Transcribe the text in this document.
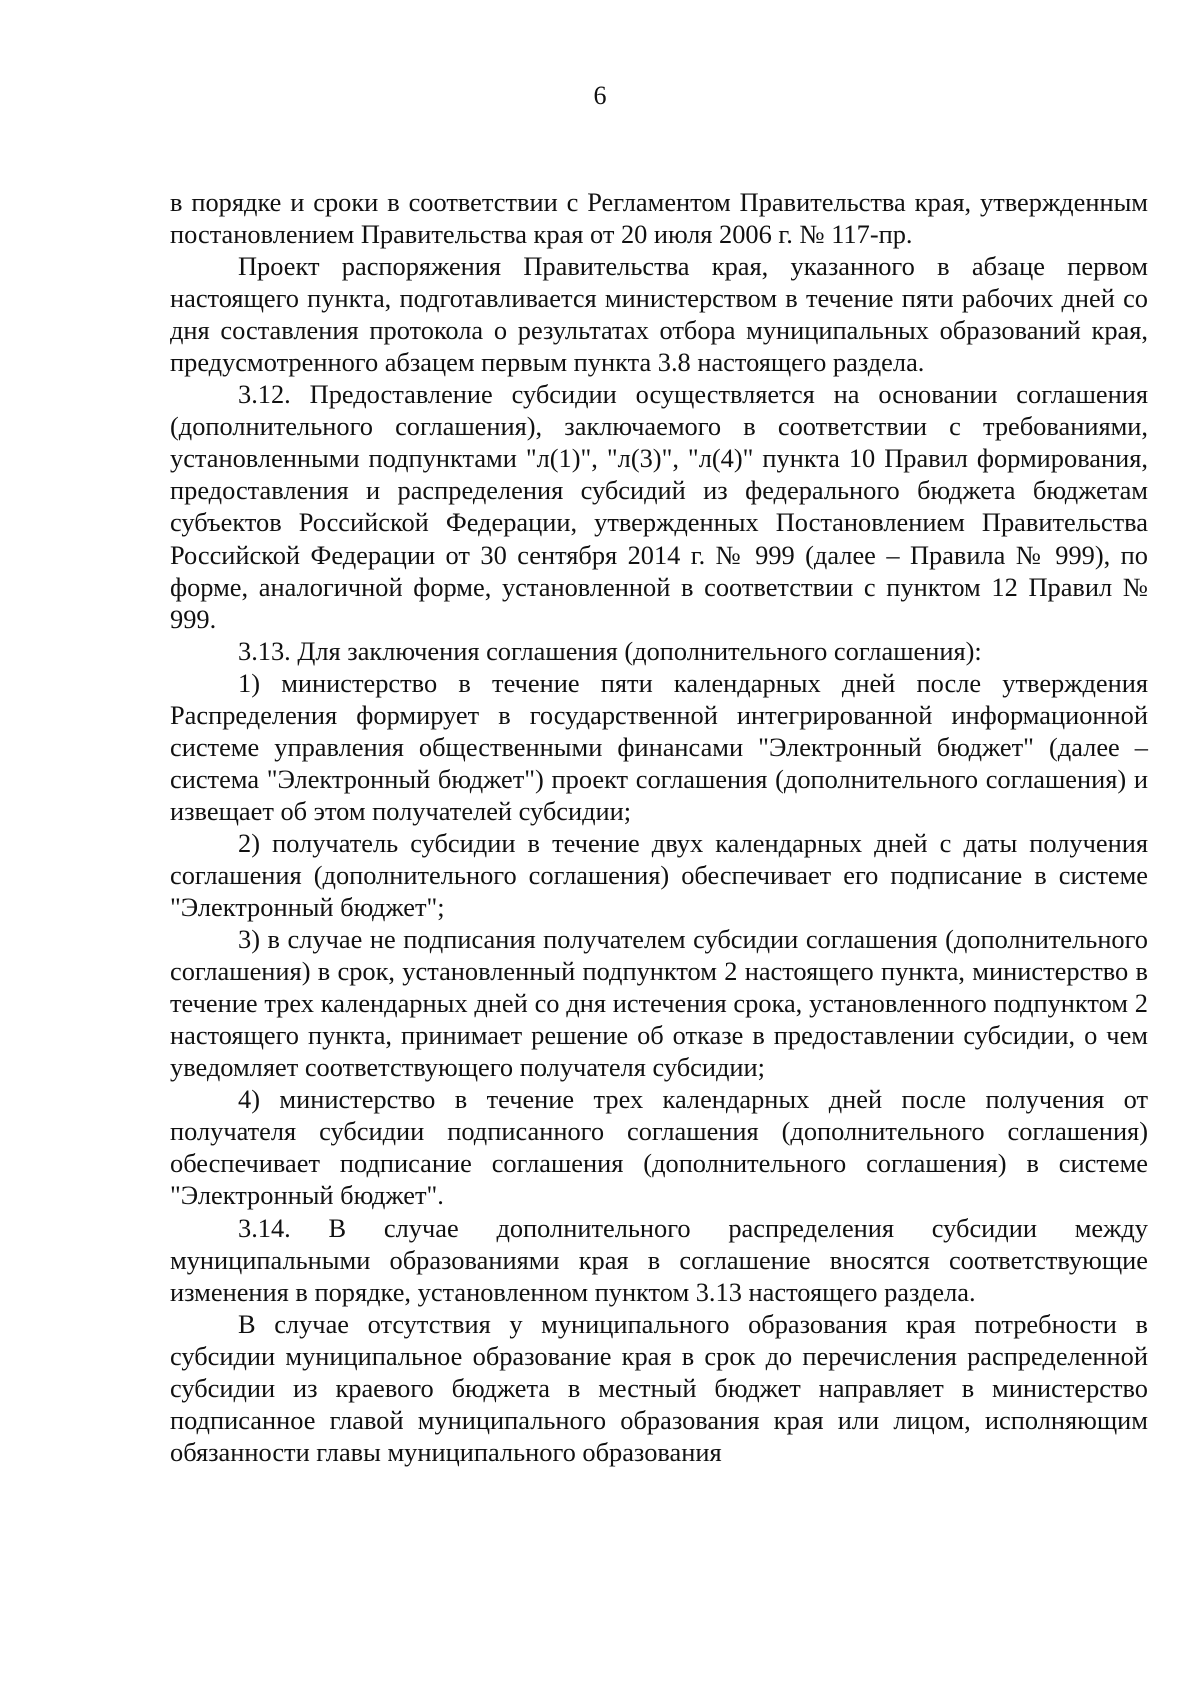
6

в порядке и сроки в соответствии с Регламентом Правительства края, утвержденным постановлением Правительства края от 20 июля 2006 г. № 117-пр.

Проект распоряжения Правительства края, указанного в абзаце первом настоящего пункта, подготавливается министерством в течение пяти рабочих дней со дня составления протокола о результатах отбора муниципальных образований края, предусмотренного абзацем первым пункта 3.8 настоящего раздела.

3.12. Предоставление субсидии осуществляется на основании соглашения (дополнительного соглашения), заключаемого в соответствии с требованиями, установленными подпунктами "л(1)", "л(3)", "л(4)" пункта 10 Правил формирования, предоставления и распределения субсидий из федерального бюджета бюджетам субъектов Российской Федерации, утвержденных Постановлением Правительства Российской Федерации от 30 сентября 2014 г. № 999 (далее – Правила № 999), по форме, аналогичной форме, установленной в соответствии с пунктом 12 Правил № 999.

3.13. Для заключения соглашения (дополнительного соглашения):

1) министерство в течение пяти календарных дней после утверждения Распределения формирует в государственной интегрированной информационной системе управления общественными финансами "Электронный бюджет" (далее – система "Электронный бюджет") проект соглашения (дополнительного соглашения) и извещает об этом получателей субсидии;

2) получатель субсидии в течение двух календарных дней с даты получения соглашения (дополнительного соглашения) обеспечивает его подписание в системе "Электронный бюджет";

3) в случае не подписания получателем субсидии соглашения (дополнительного соглашения) в срок, установленный подпунктом 2 настоящего пункта, министерство в течение трех календарных дней со дня истечения срока, установленного подпунктом 2 настоящего пункта, принимает решение об отказе в предоставлении субсидии, о чем уведомляет соответствующего получателя субсидии;

4) министерство в течение трех календарных дней после получения от получателя субсидии подписанного соглашения (дополнительного соглашения) обеспечивает подписание соглашения (дополнительного соглашения) в системе "Электронный бюджет".

3.14. В случае дополнительного распределения субсидии между муниципальными образованиями края в соглашение вносятся соответствующие изменения в порядке, установленном пунктом 3.13 настоящего раздела.

В случае отсутствия у муниципального образования края потребности в субсидии муниципальное образование края в срок до перечисления распределенной субсидии из краевого бюджета в местный бюджет направляет в министерство подписанное главой муниципального образования края или лицом, исполняющим обязанности главы муниципального образования
